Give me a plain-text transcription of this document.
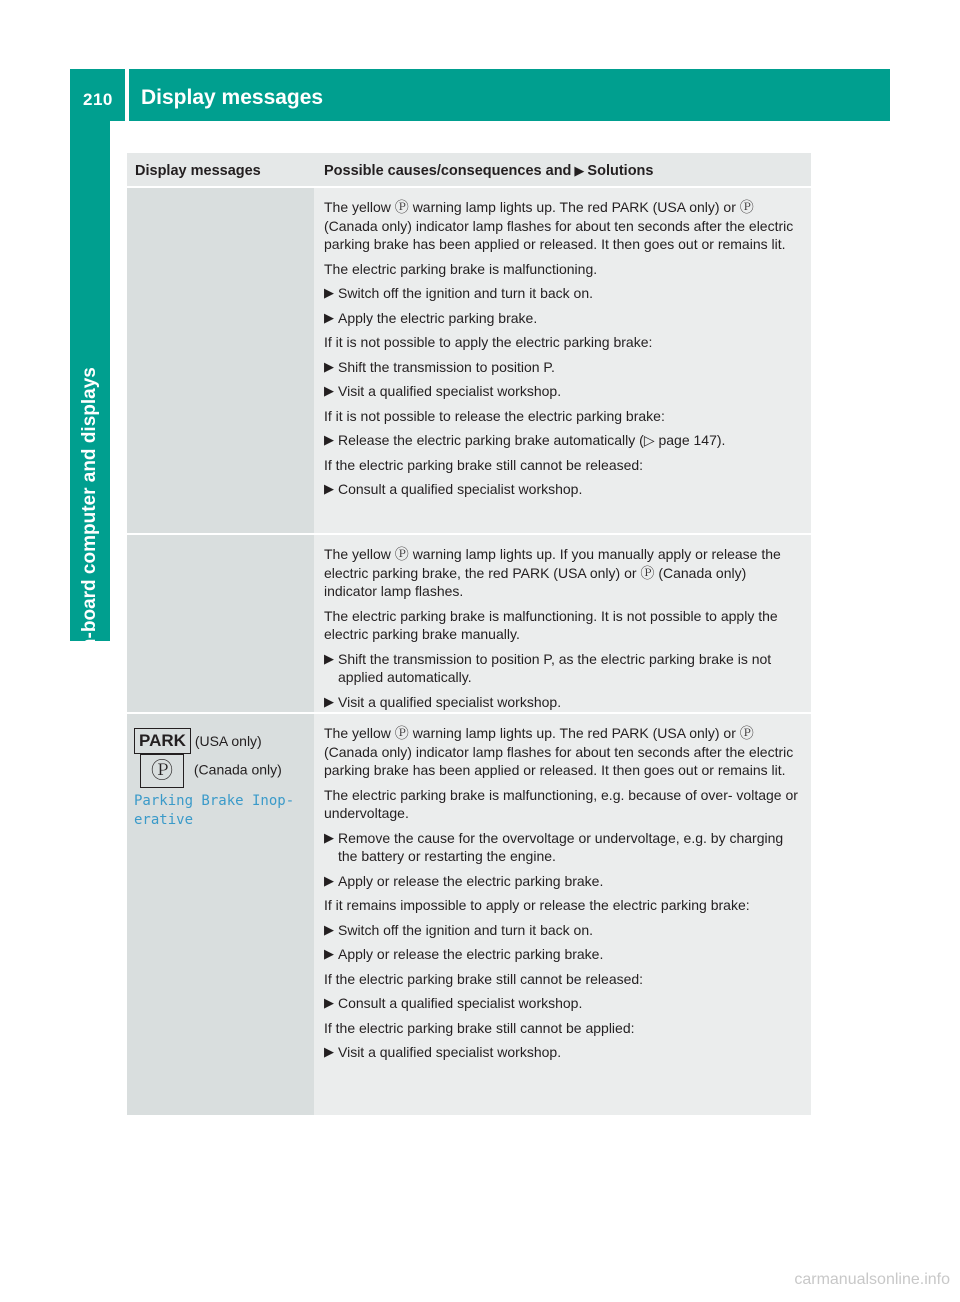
210 Display messages
On-board computer and displays
Display messages	Possible causes/consequences and ▶ Solutions

The yellow Ⓟ warning lamp lights up. The red PARK (USA only) or Ⓟ (Canada only) indicator lamp flashes for about ten seconds after the electric parking brake has been applied or released. It then goes out or remains lit.

The electric parking brake is malfunctioning.

▶ Switch off the ignition and turn it back on.
▶ Apply the electric parking brake.

If it is not possible to apply the electric parking brake:

▶ Shift the transmission to position P.
▶ Visit a qualified specialist workshop.

If it is not possible to release the electric parking brake:

▶ Release the electric parking brake automatically (▷ page 147).

If the electric parking brake still cannot be released:

▶ Consult a qualified specialist workshop.

The yellow Ⓟ warning lamp lights up. If you manually apply or release the electric parking brake, the red PARK (USA only) or Ⓟ (Canada only) indicator lamp flashes.

The electric parking brake is malfunctioning. It is not possible to apply the electric parking brake manually.

▶ Shift the transmission to position P, as the electric parking brake is not applied automatically.
▶ Visit a qualified specialist workshop.
PARK (USA only) Ⓟ (Canada only)
Parking Brake Inop‐ erative

The yellow Ⓟ warning lamp lights up. The red PARK (USA only) or Ⓟ (Canada only) indicator lamp flashes for about ten seconds after the electric parking brake has been applied or released. It then goes out or remains lit.

The electric parking brake is malfunctioning, e.g. because of over- voltage or undervoltage.

▶ Remove the cause for the overvoltage or undervoltage, e.g. by charging the battery or restarting the engine.
▶ Apply or release the electric parking brake.

If it remains impossible to apply or release the electric parking brake:

▶ Switch off the ignition and turn it back on.
▶ Apply or release the electric parking brake.

If the electric parking brake still cannot be released:

▶ Consult a qualified specialist workshop.

If the electric parking brake still cannot be applied:

▶ Visit a qualified specialist workshop.
carmanualsonline.info
